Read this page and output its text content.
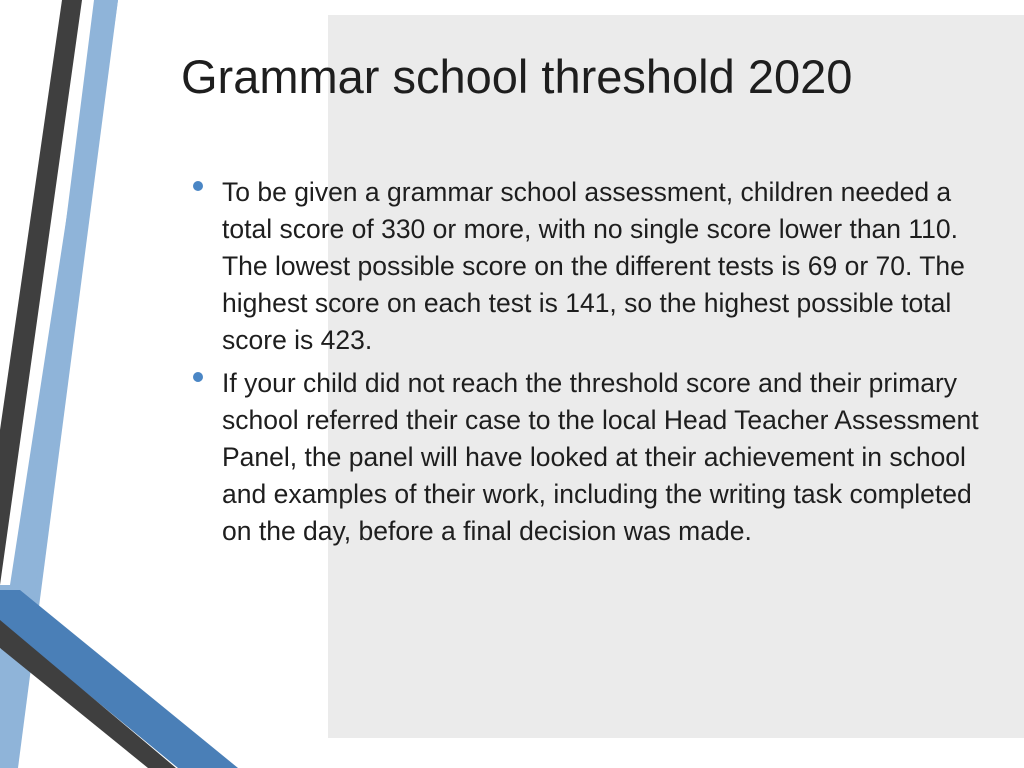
Grammar school threshold 2020
To be given a grammar school assessment, children needed a total score of 330 or more, with no single score lower than 110. The lowest possible score on the different tests is 69 or 70. The highest score on each test is 141, so the highest possible total score is 423.
If your child did not reach the threshold score and their primary school referred their case to the local Head Teacher Assessment Panel, the panel will have looked at their achievement in school and examples of their work, including the writing task completed on the day, before a final decision was made.
